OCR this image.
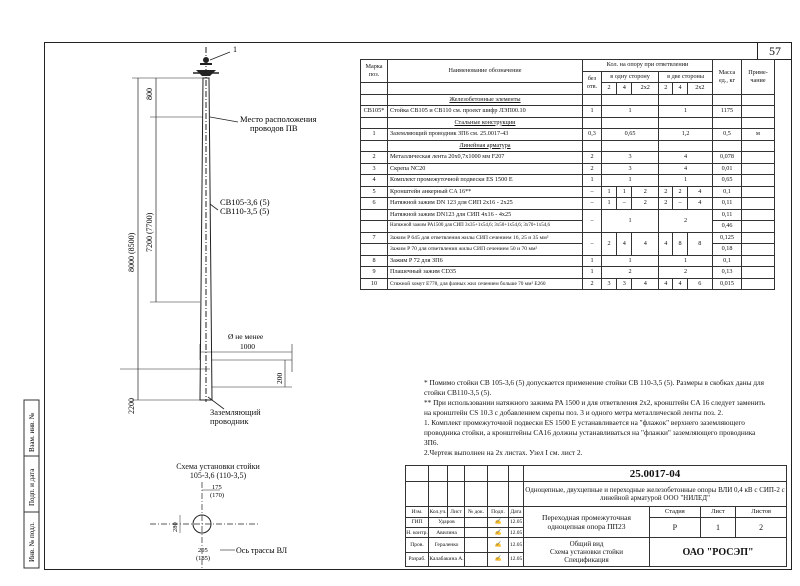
57
Инв. № подл.
Подп. и дата
Взам. инв. №
1
Место расположения
проводов ПВ
СВ105-3,6 (5)
СВ110-3,5 (5)
800
8000 (8500)
7200 (7700)
2200
Ø не менее
1000
200
Заземляющий
проводник
Схема установки стойки
105-3,6 (110-3,5)
175
(170)
280
205
(185)
Ось трассы ВЛ
Марка поз.	Наименование обозначение	Кол. на опору при ответвлении							Масса ед., кг	Приме-чание
		без отв.	в одну сторону			в две стороны				
			2	4	2x2	2	4	2x2		
	Железобетонные элементы									
СВ105*	Стойка СВ105 и СВ110 см. проект шифр ЛЭП00.10	1	1			1			1175	
	Стальные конструкции									
1	Заземляющий проводник ЗП6 см. 25.0017-43	0,3	0,65			1,2			0,5	м
	Линейная арматура									
2	Металлическая лента 20х0,7х1000 мм F207	2	3			4			0,078	
3	Скрепа NC20	2	3			4			0,01	
4	Комплект промежуточной подвески ES 1500 E	1	1			1			0,65	
5	Кронштейн анкерный CA 16**	–	1	1	2	2	2	4	0,1	
6	Натяжной зажим DN 123 для СИП 2х16 - 2х25	–	1	–	2	2	–	4	0,11	
	Натяжной зажим DN123 для СИП 4х16 - 4х25	–	1			2			0,11	
	Натяжной зажим PA1500 для СИП 3х35+1х54,6; 3х50+1х54,6; 3х70+1х54,6								0,46	
7	Зажим P 645 для ответвления жилы СИП сечением 16, 25 и 35 мм²	–	2	4	4	4	8	8	0,125	
	Зажим P 70 для ответвления жилы СИП сечением 50 и 70 мм²								0,18	
8	Зажим P 72 для ЗП6	1	1			1			0,1	
9	Плашечный зажим CD35	1	2			2			0,13	
10	Стяжной хомут E778, для фазных жил сечением больше 70 мм² E260	2	3	3	4	4	4	6	0,015	

* Помимо стойки СВ 105-3,6 (5) допускается применение стойки СВ 110-3,5 (5). Размеры в скобках даны для стойки СВ110-3,5 (5).

** При использовании натяжного зажима PA 1500 и для ответвления 2х2, кронштейн CA 16 следует заменить на кронштейн CS 10.3 с добавлением скрепы поз. 3 и одного метра металлической ленты поз. 2.

1. Комплект промежуточной подвески ES 1500 E устанавливается на "флажок" верхнего заземляющего проводника стойки, а кронштейны CA16 должны устанавливаться на "флажки" заземляющего проводника ЗП6.

2.Чертеж выполнен на 2х листах. Узел I см. лист 2.

						25.0017-04			
						Одноцепные, двухцепные и переходные железобетонные опоры ВЛИ 0,4 кВ с СИП-2 с линейной арматурой ООО "НИЛЕД"			
Изм.	Кол.уч.	Лист	№ док.	Подп.	Дата	Переходная промежуточная
одноцепная опора ПП23	Стадия	Лист	Листов
ГИП	Ударов			✍	12.05		Р	1	2
Н. контр.	Авилина			✍	12.05				
Пров.	Гераленко			✍	12.05	Общий вид
Схема установки стойки
Спецификация	ОАО "РОСЭП"		
Разраб.	Калабакина А.			✍	12.05				
